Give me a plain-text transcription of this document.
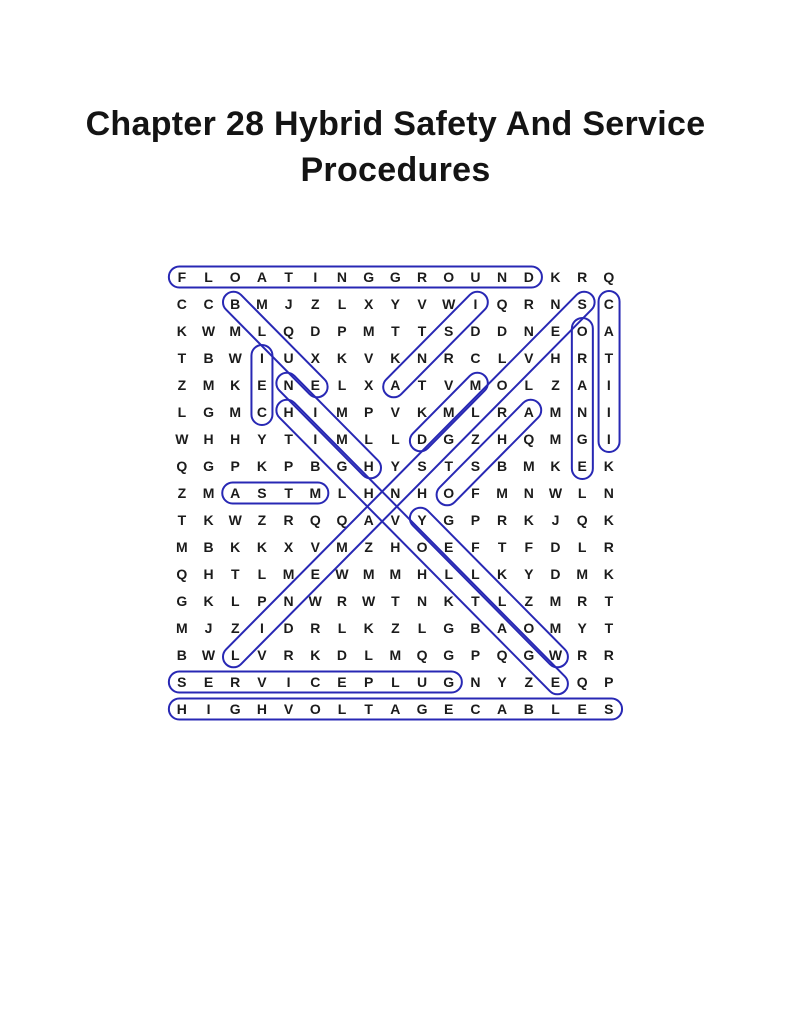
Chapter 28 Hybrid Safety And Service
Procedures
F	L	O	A	T	I	N	G	G	R	O	U	N	D	K	R	Q
C	C	B	M	J	Z	L	X	Y	V	W	I	Q	R	N	S	C
K	W	M	L	Q	D	P	M	T	T	S	D	D	N	E	O	A
T	B	W	I	U	X	K	V	K	N	R	C	L	V	H	R	T
Z	M	K	E	N	E	L	X	A	T	V	M	O	L	Z	A	I
L	G	M	C	H	I	M	P	V	K	M	L	R	A	M	N	I
W	H	H	Y	T	I	M	L	L	D	G	Z	H	Q	M	G	I
Q	G	P	K	P	B	G	H	Y	S	T	S	B	M	K	E	K
Z	M	A	S	T	M	L	H	N	H	O	F	M	N	W	L	N
T	K	W	Z	R	Q	Q	A	V	Y	G	P	R	K	J	Q	K
M	B	K	K	X	V	M	Z	H	O	E	F	T	F	D	L	R
Q	H	T	L	M	E	W	M	M	H	L	L	K	Y	D	M	K
G	K	L	P	N	W	R	W	T	N	K	T	L	Z	M	R	T
M	J	Z	I	D	R	L	K	Z	L	G	B	A	O	M	Y	T
B	W	L	V	R	K	D	L	M	Q	G	P	Q	G	W	R	R
S	E	R	V	I	C	E	P	L	U	G	N	Y	Z	E	Q	P
H	I	G	H	V	O	L	T	A	G	E	C	A	B	L	E	S
